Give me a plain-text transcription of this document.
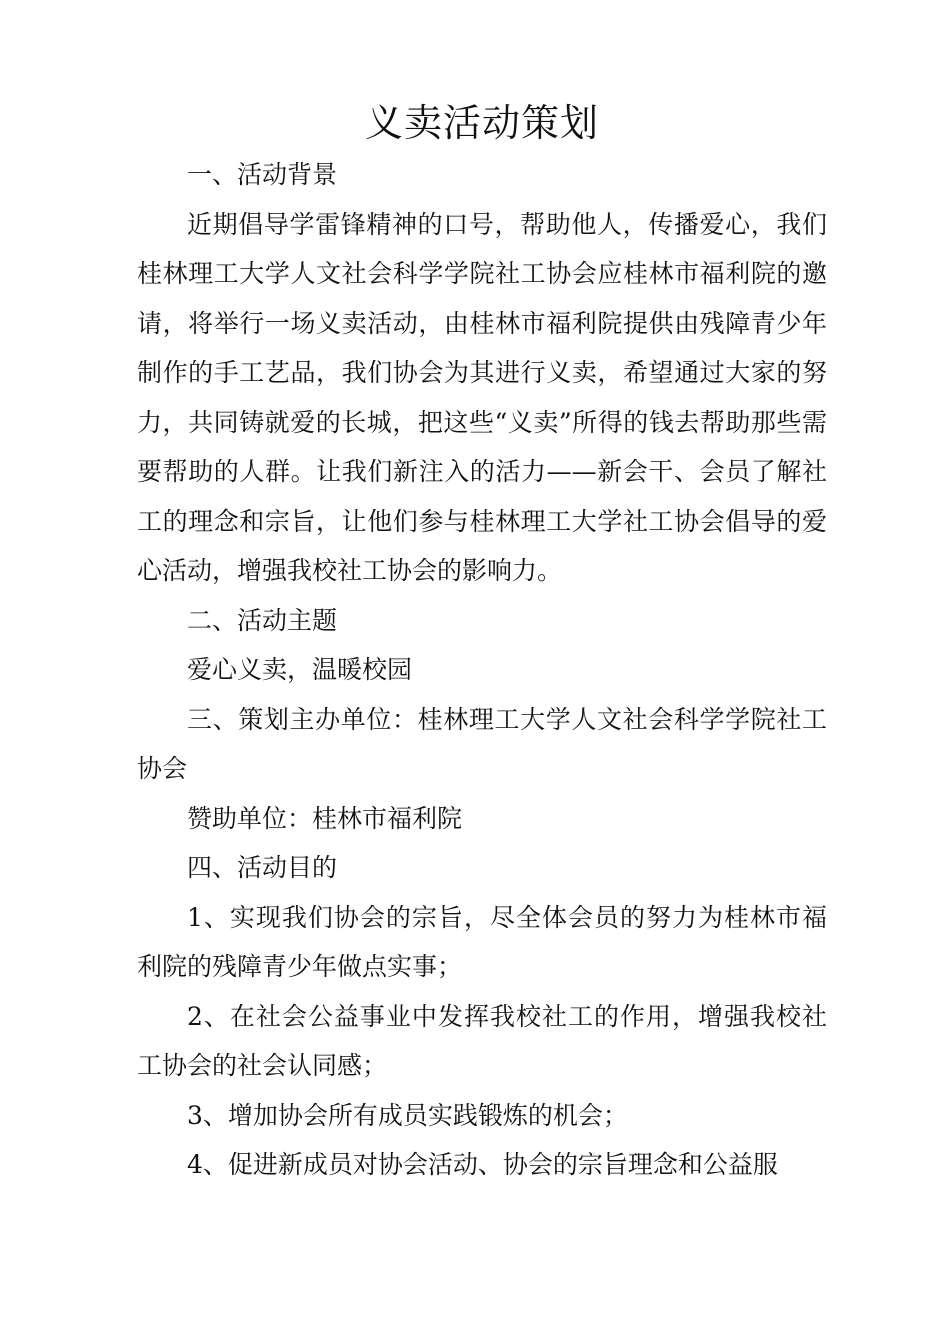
义卖活动策划

一、活动背景

近期倡导学雷锋精神的口号，帮助他人，传播爱心，我们桂林理工大学人文社会科学学院社工协会应桂林市福利院的邀请，将举行一场义卖活动，由桂林市福利院提供由残障青少年制作的手工艺品，我们协会为其进行义卖，希望通过大家的努力，共同铸就爱的长城，把这些“义卖”所得的钱去帮助那些需要帮助的人群。让我们新注入的活力——新会干、会员了解社工的理念和宗旨，让他们参与桂林理工大学社工协会倡导的爱心活动，增强我校社工协会的影响力。

二、活动主题

爱心义卖，温暖校园

三、策划主办单位：桂林理工大学人文社会科学学院社工协会

赞助单位：桂林市福利院

四、活动目的

1、实现我们协会的宗旨，尽全体会员的努力为桂林市福利院的残障青少年做点实事；

2、在社会公益事业中发挥我校社工的作用，增强我校社工协会的社会认同感；

3、增加协会所有成员实践锻炼的机会；

4、促进新成员对协会活动、协会的宗旨理念和公益服
